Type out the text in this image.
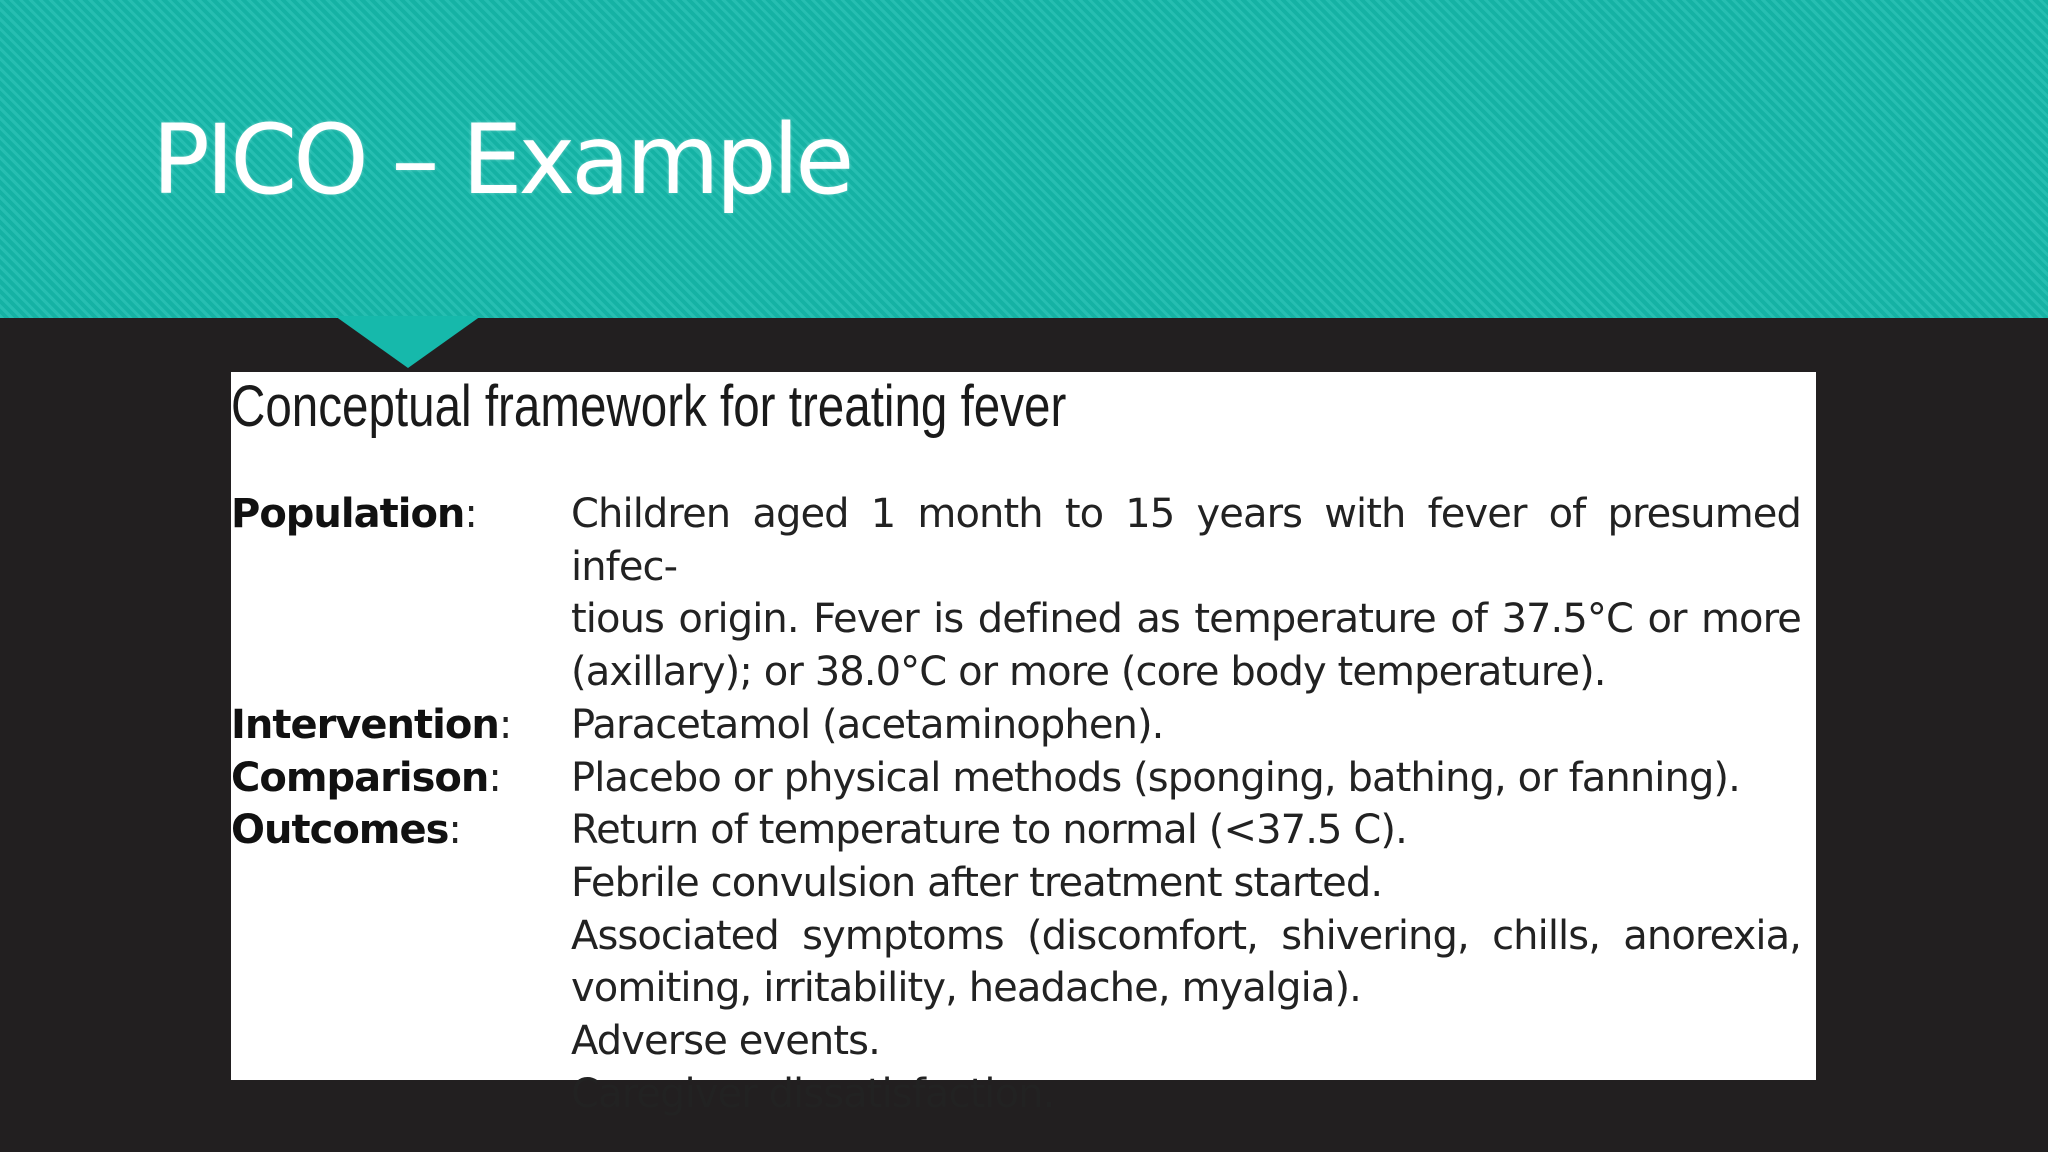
PICO – Example
Conceptual framework for treating fever
Population:	Children aged 1 month to 15 years with fever of presumed infec-
tious origin. Fever is defined as temperature of 37.5°C or more
(axillary); or 38.0°C or more (core body temperature).
Intervention:	Paracetamol (acetaminophen).
Comparison:	Placebo or physical methods (sponging, bathing, or fanning).
Outcomes:	Return of temperature to normal (<37.5 C).
Febrile convulsion after treatment started.
Associated symptoms (discomfort, shivering, chills, anorexia,
vomiting, irritability, headache, myalgia).
Adverse events.
Caregiver dissatisfaction.
